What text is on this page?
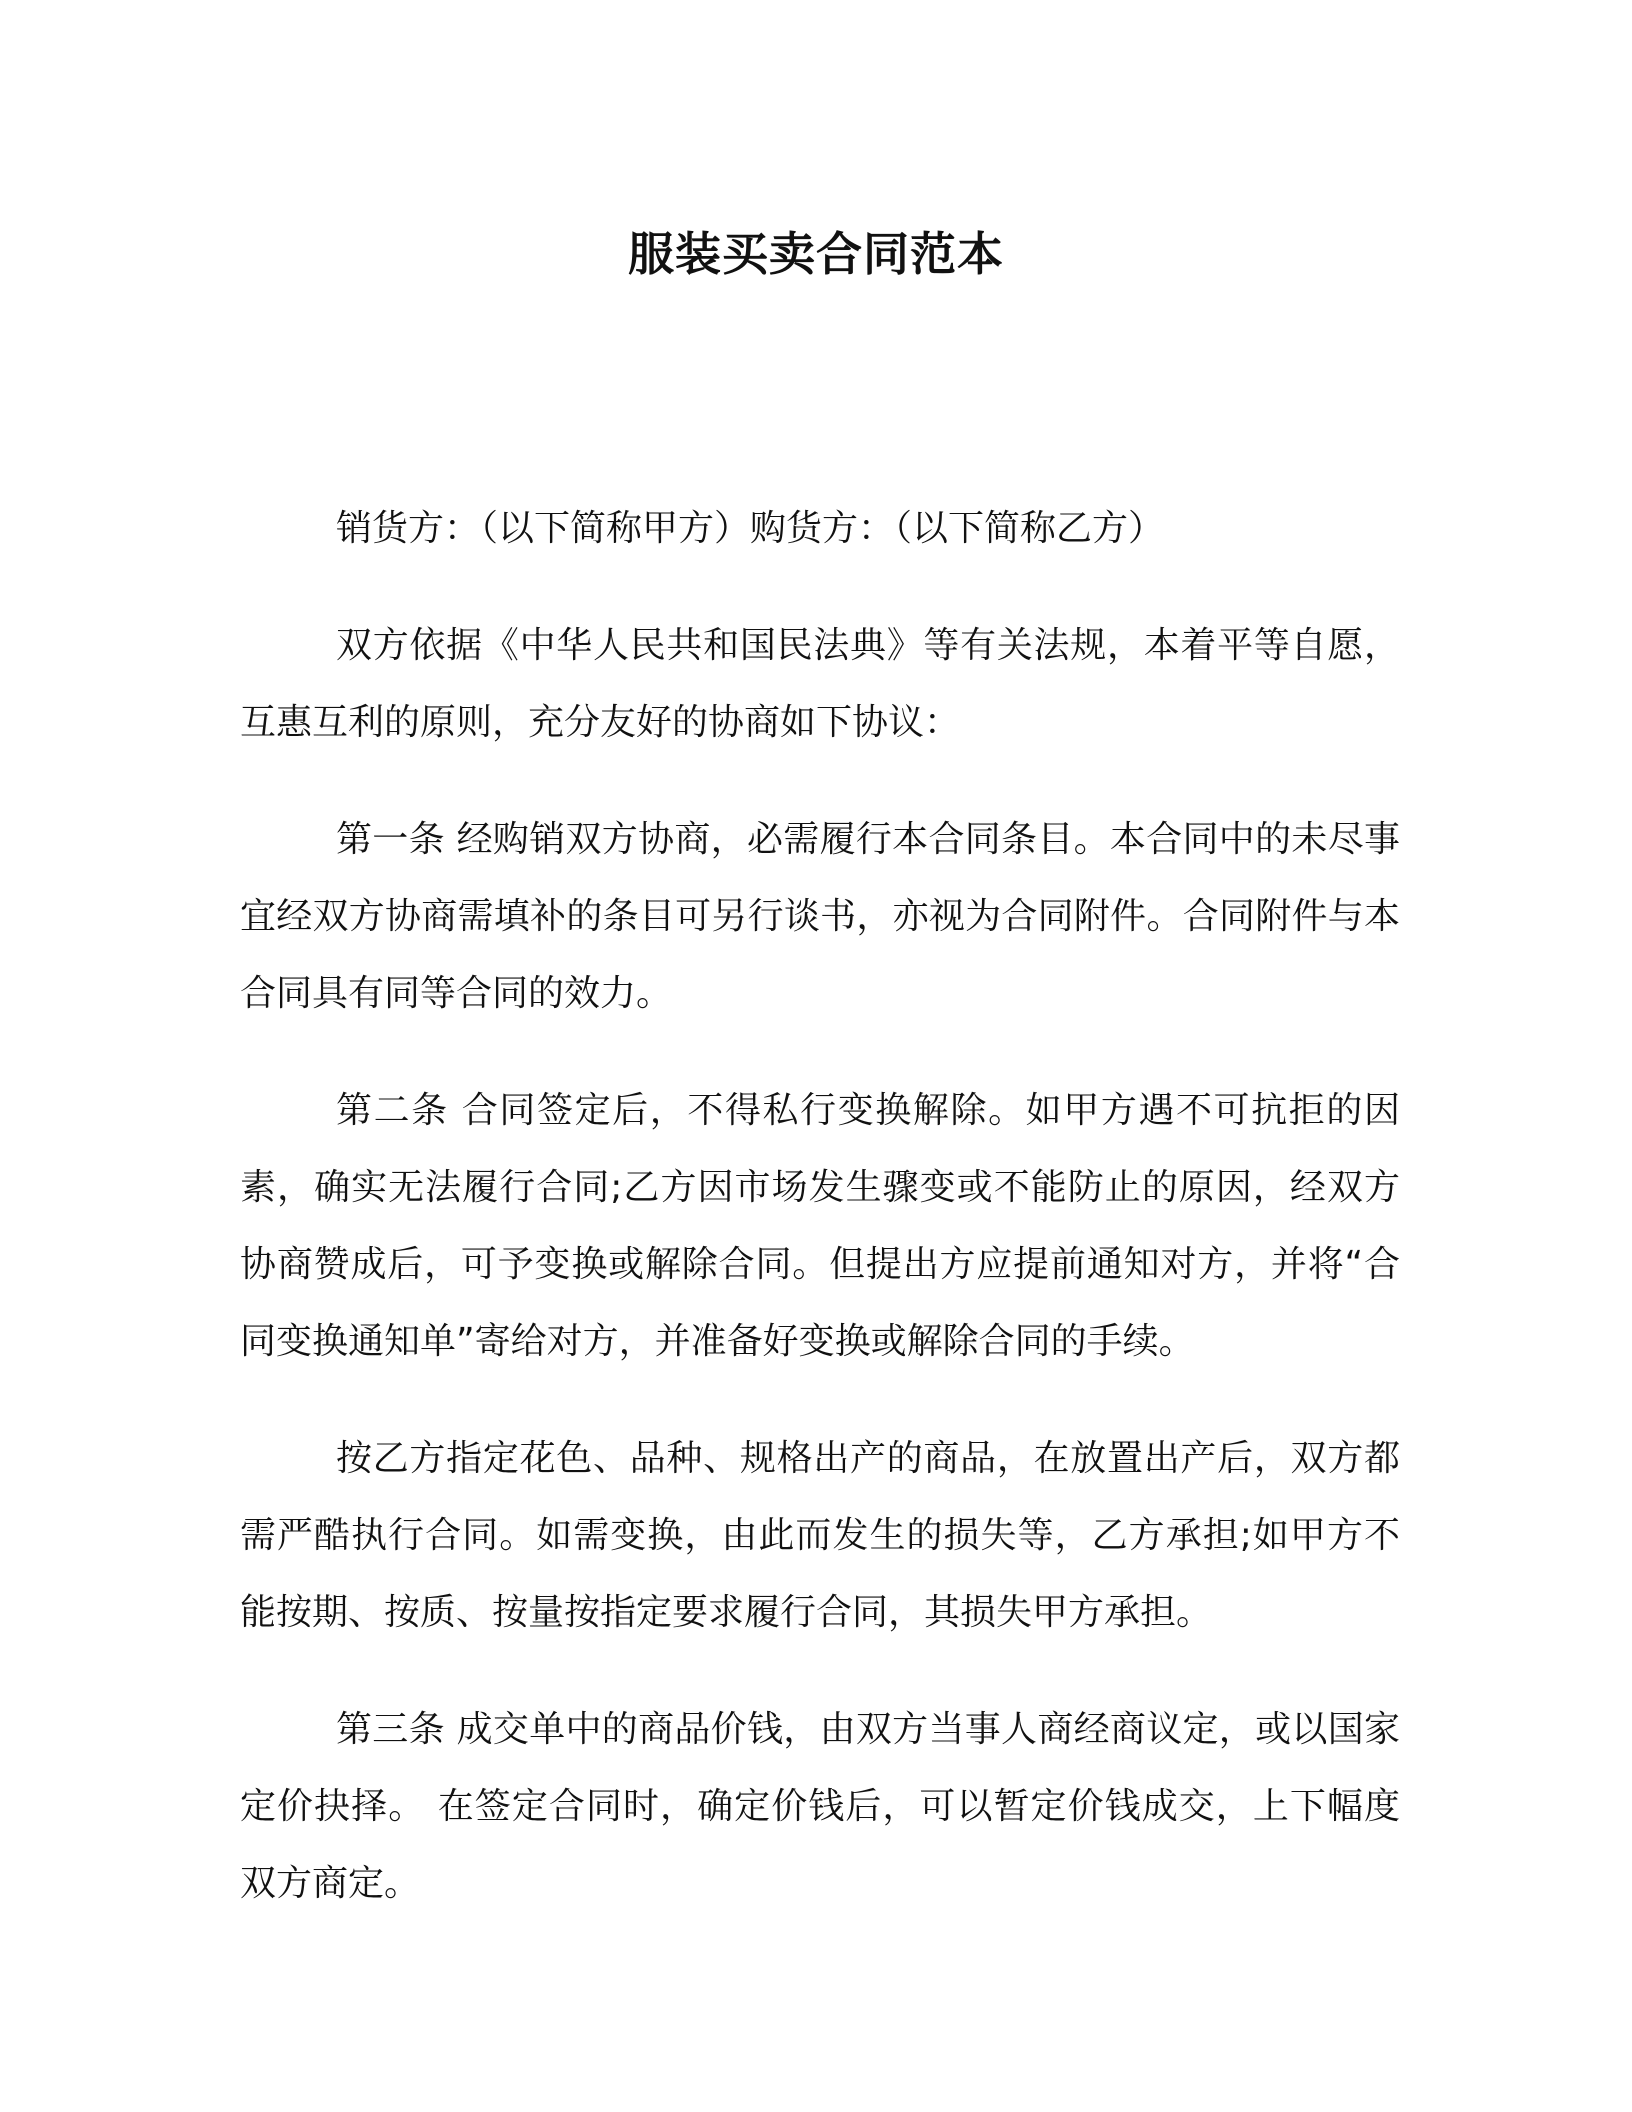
服装买卖合同范本

销货方：（以下简称甲方）购货方：（以下简称乙方）

双方依据《中华人民共和国民法典》等有关法规，本着平等自愿，互惠互利的原则，充分友好的协商如下协议：

第一条 经购销双方协商，必需履行本合同条目。本合同中的未尽事宜经双方协商需填补的条目可另行谈书，亦视为合同附件。合同附件与本合同具有同等合同的效力。

第二条 合同签定后，不得私行变换解除。如甲方遇不可抗拒的因素，确实无法履行合同;乙方因市场发生骤变或不能防止的原因，经双方协商赞成后，可予变换或解除合同。但提出方应提前通知对方，并将“合同变换通知单”寄给对方，并准备好变换或解除合同的手续。

按乙方指定花色、品种、规格出产的商品，在放置出产后，双方都需严酷执行合同。如需变换，由此而发生的损失等，乙方承担;如甲方不能按期、按质、按量按指定要求履行合同，其损失甲方承担。

第三条 成交单中的商品价钱，由双方当事人商经商议定，或以国家定价抉择。 在签定合同时，确定价钱后，可以暂定价钱成交，上下幅度双方商定。
